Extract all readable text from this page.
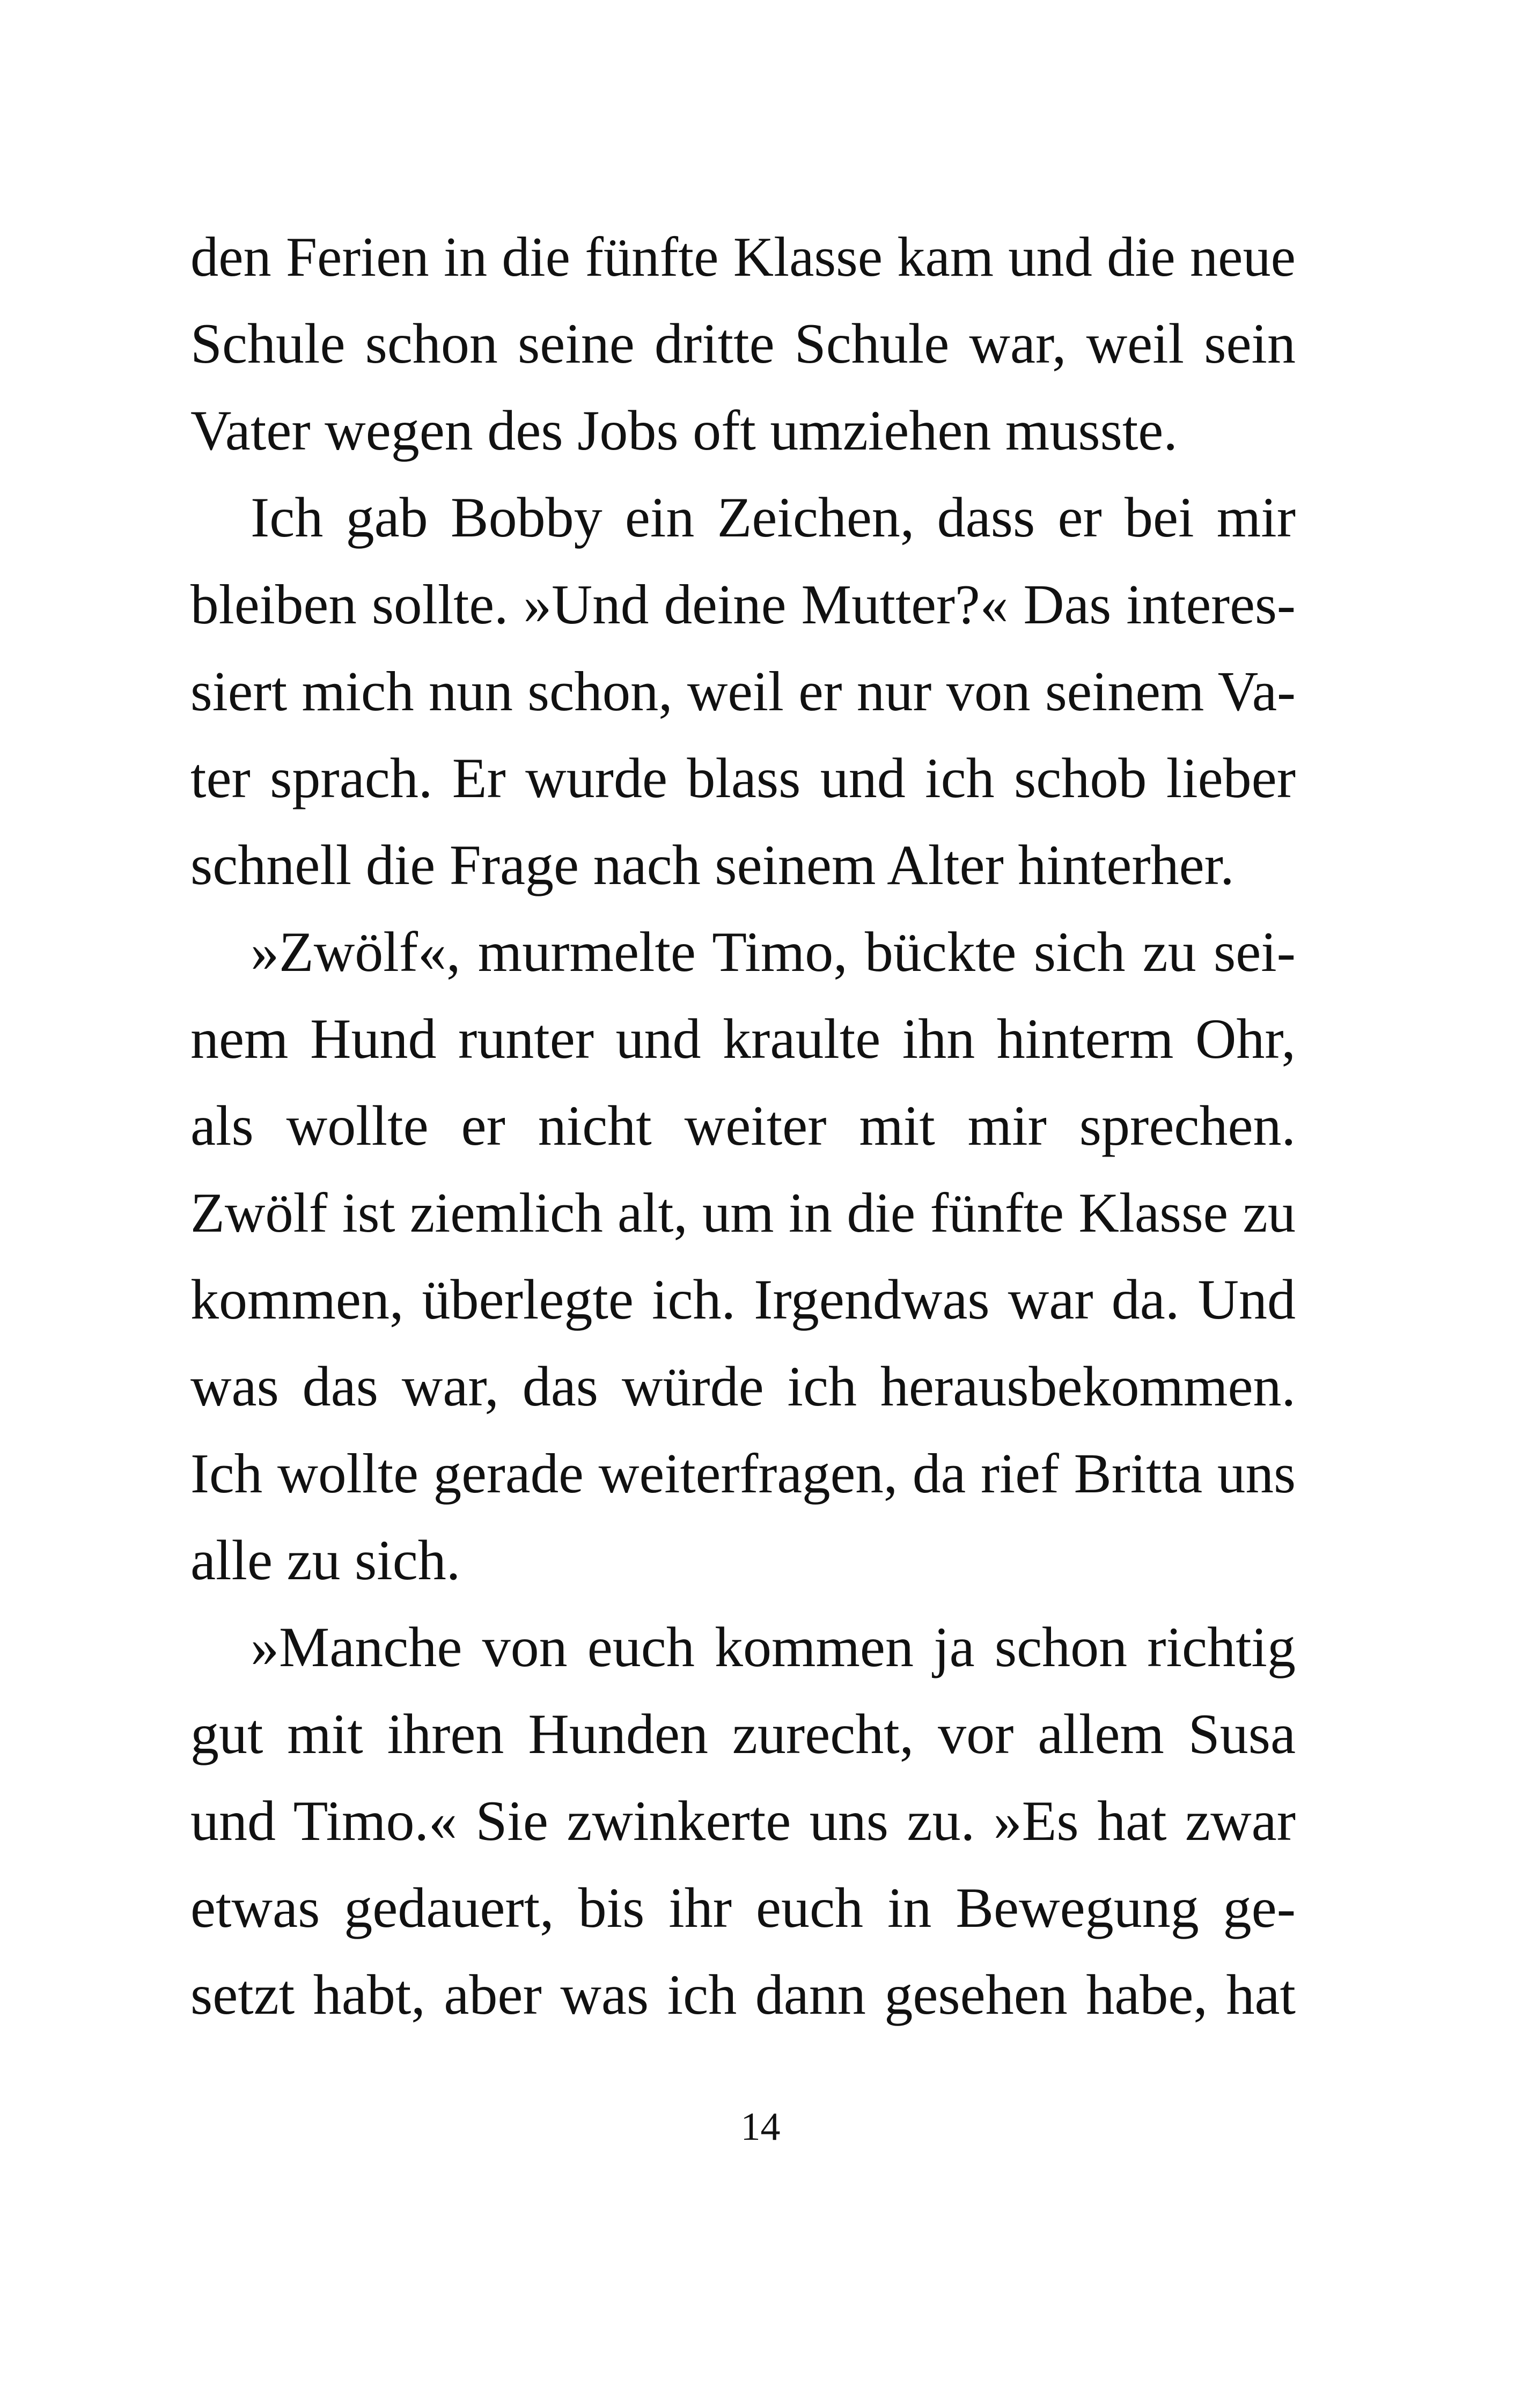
den Ferien in die fünfte Klasse kam und die neue
Schule schon seine dritte Schule war, weil sein
Vater wegen des Jobs oft umziehen musste.
Ich gab Bobby ein Zeichen, dass er bei mir
bleiben sollte. »Und deine Mutter?« Das interes-
siert mich nun schon, weil er nur von seinem Va-
ter sprach. Er wurde blass und ich schob lieber
schnell die Frage nach seinem Alter hinterher.
»Zwölf«, murmelte Timo, bückte sich zu sei-
nem Hund runter und kraulte ihn hinterm Ohr,
als wollte er nicht weiter mit mir sprechen.
Zwölf ist ziemlich alt, um in die fünfte Klasse zu
kommen, überlegte ich. Irgendwas war da. Und
was das war, das würde ich herausbekommen.
Ich wollte gerade weiterfragen, da rief Britta uns
alle zu sich.
»Manche von euch kommen ja schon richtig
gut mit ihren Hunden zurecht, vor allem Susa
und Timo.« Sie zwinkerte uns zu. »Es hat zwar
etwas gedauert, bis ihr euch in Bewegung ge-
setzt habt, aber was ich dann gesehen habe, hat
14
